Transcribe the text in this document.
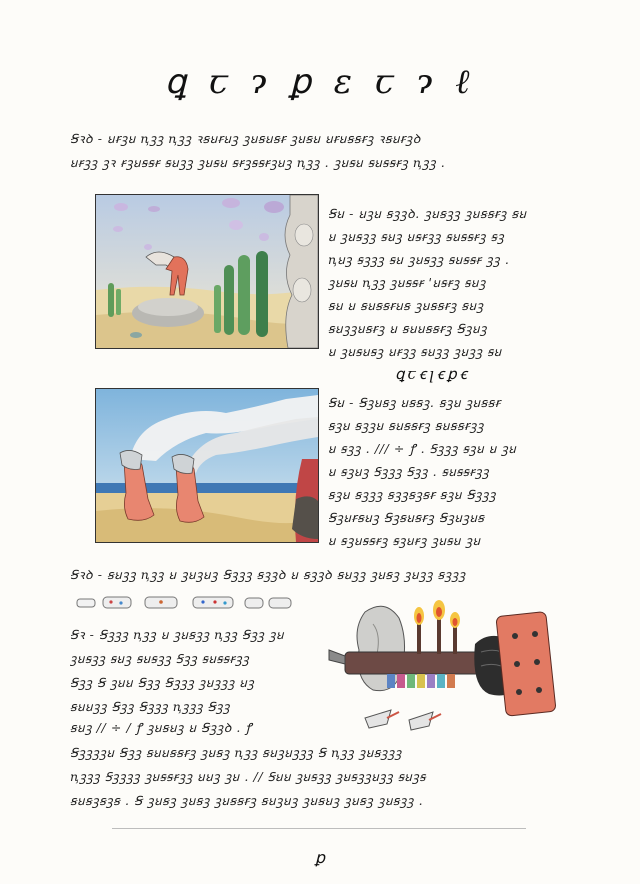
ꝗ ꞇ ɂ ꝑ ɛ ꞇ ɂ ℓ
Ꞩꝛꝺ - ꞟꞧꝫꞟ ꞑꝫꝫ ꞑꝫꝫ ꝛꞩꞟꞧꞟꝫ ꝫꞟꞩꞟꞩꞧ ꝫꞟꞩꞟ ꞟꞧꞟꞩꞩꞧꝫ ꝛꞩꞟꞧꝫꝺ
ꞟꞧꝫꝫ ꝫꝛ ꞧꝫꞟꞩꞩꞧ ꞩꞟꝫꝫ ꝫꞟꞩꞟ ꞩꞧꝫꞩꞩꞧꝫꞟꝫ ꞑꝫꝫ . ꝫꞟꞩꞟ ꞩꞟꞩꞩꞧꝫ ꞑꝫꝫ .
Ꞩꞟ - ꞟꝫꞟ ꞩꝫꝫꝺ. ꝫꞟꞩꝫꝫ ꝫꞟꞩꞩꞧꝫ ꞩꞟ
ꞟ ꝫꞟꞩꝫꝫ ꞩꞟꝫ ꞟꞩꞧꝫꝫ ꞩꞟꞩꞩꞧꝫ ꞩꝫ
ꞑꞟꝫ ꞩꝫꝫꝫ ꞩꞟ ꝫꞟꞩꝫꝫ ꞩꞟꞩꞩꞧ ꝫꝫ .
ꝫꞟꞩꞟ ꞑꝫꝫ ꝫꞟꞩꞩꞧ ꞌꞟꞩꞧꝫ ꞩꞟꝫ
ꞩꞟ ꞟ ꞩꞟꞩꞩꞧꞟꞩ ꝫꞟꞩꞩꞧꝫ ꞩꞟꝫ
ꞩꞟꝫꝫꞟꞩꞧꝫ ꞟ ꞩꞟꞟꞩꞩꞧꝫ Ꞩꝫꞟꝫ
ꞟ ꝫꞟꞩꞟꞩꝫ ꞟꞧꝫꝫ ꞩꞟꝫꝫ ꝫꞟꝫꝫ ꞩꞟ
ꝗꞇꞓꞁꞓꝑꞓ
Ꞩꞟ - Ꞩꝫꞟꞩꝫ ꞟꞩꞩꝫ. ꞩꝫꞟ ꝫꞟꞩꞩꞧ
ꞩꝫꞟ ꞩꝫꝫꞟ ꞩꞟꞩꞩꞧꝫ ꞩꞟꞩꞩꞧꝫꝫ
ꞟ ꞩꝫꝫ . /// ÷ ꝭ . Ꞩꝫꝫꝫ ꞩꝫꞟ ꞟ ꝫꞟ
ꞟ ꞩꝫꞟꝫ Ꞩꝫꝫꝫ Ꞩꝫꝫ . ꞩꞟꞩꞩꞧꝫꝫ
ꞩꝫꞟ ꞩꝫꝫꝫ ꞩꝫꝫꞩꝫꞩꞧ ꞩꝫꞟ Ꞩꝫꝫꝫ
Ꞩꝫꞟꞧꞩꞟꝫ Ꞩꝫꞩꞟꞩꞧꝫ Ꞩꝫꞟꝫꞟꞩ
ꞟ ꞩꝫꞟꞩꞩꞧꝫ ꞩꝫꞟꞧꝫ ꝫꞟꞩꞟ ꝫꞟ
Ꞩꝛꝺ - ꞩꞟꝫꝫ ꞑꝫꝫ ꞟ ꝫꞟꝫꞟꝫ Ꞩꝫꝫꝫ ꞩꝫꝫꝺ ꞟ ꞩꝫꝫꝺ ꞩꞟꝫꝫ ꝫꞟꞩꝫ ꝫꞟꝫꝫ ꞩꝫꝫꝫ
Ꞩꝛ - Ꞩꝫꝫꝫ ꞑꝫꝫ ꞟ ꝫꞟꞩꝫꝫ ꞑꝫꝫ Ꞩꝫꝫ ꝫꞟ
ꝫꞟꞩꝫꝫ ꞩꞟꝫ ꞩꞟꞩꝫꝫ Ꞩꝫꝫ ꞩꞟꞩꞩꞧꝫꝫ
Ꞩꝫꝫ Ꞩ ꝫꞟꞟ Ꞩꝫꝫ Ꞩꝫꝫꝫ ꝫꞟꝫꝫꝫ ꞟꝫ
ꞩꞟꞟꝫꝫ Ꞩꝫꝫ Ꞩꝫꝫꝫ ꞑꝫꝫꝫ Ꞩꝫꝫ
ꞩꞟꝫ // ÷ / ꝭ ꝫꞟꞩꞟꝫ ꞟ Ꞩꝫꝫꝺ . ꝭ
Ꞩꝫꝫꝫꝫꞟ Ꞩꝫꝫ ꞩꞟꞟꞩꞩꞧꝫ ꝫꞟꞩꝫ ꞑꝫꝫ ꞩꞟꝫꞟꝫꝫꝫ Ꞩ ꞑꝫꝫ ꝫꞟꞩꝫꝫꝫ
ꞑꝫꝫꝫ Ꞩꝫꝫꝫꝫ ꝫꞟꞩꞩꞧꝫꝫ ꞟꞟꝫ ꝫꞟ . // Ꞩꞟꞟ ꝫꞟꞩꝫꝫ ꝫꞟꞩꝫꝫꞟꝫꝫ ꞩꞟꝫꞩ
ꞩꞟꞩꝫꞩꝫꞩ . Ꞩ ꝫꞟꞩꝫ ꝫꞟꞩꝫ ꝫꞟꞩꞩꞧꝫ ꞩꞟꝫꞟꝫ ꝫꞟꞩꞟꝫ ꝫꞟꞩꝫ ꝫꞟꞩꝫꝫ .
ꝑ
